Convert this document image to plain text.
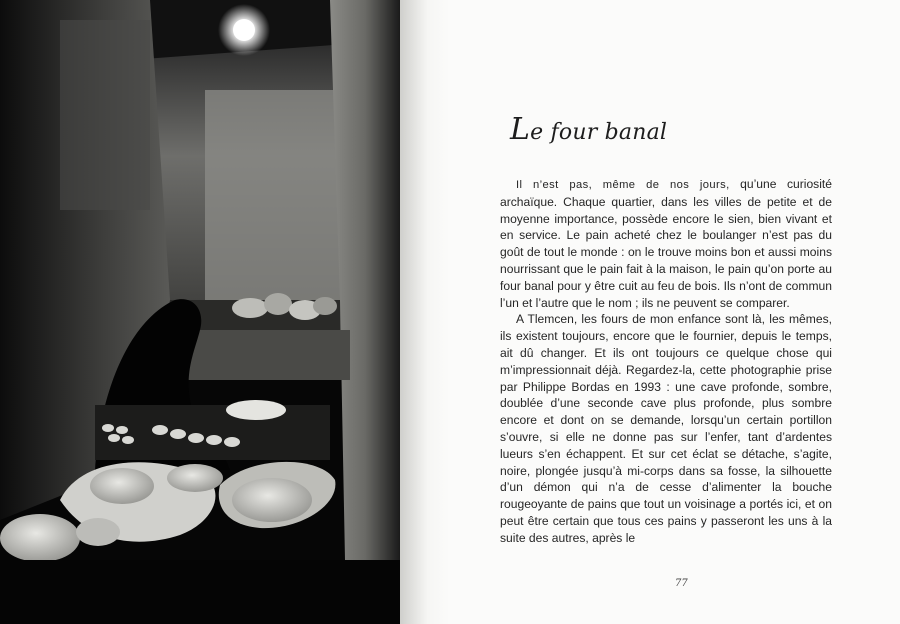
Le four banal

Il n’est pas, même de nos jours, qu’une curiosité archaïque. Chaque quartier, dans les villes de petite et de moyenne importance, possède encore le sien, bien vivant et en service. Le pain acheté chez le boulanger n’est pas du goût de tout le monde : on le trouve moins bon et aussi moins nourrissant que le pain fait à la maison, le pain qu’on porte au four banal pour y être cuit au feu de bois. Ils n’ont de commun l’un et l’autre que le nom ; ils ne peuvent se comparer.

A Tlemcen, les fours de mon enfance sont là, les mêmes, ils existent toujours, encore que le fournier, depuis le temps, ait dû changer. Et ils ont toujours ce quelque chose qui m’impressionnait déjà. Regardez-la, cette photographie prise par Philippe Bordas en 1993 : une cave profonde, sombre, doublée d’une seconde cave plus profonde, plus sombre encore et dont on se demande, lorsqu’un certain portillon s’ouvre, si elle ne donne pas sur l’enfer, tant d’ardentes lueurs s’en échappent. Et sur cet éclat se détache, s’agite, noire, plongée jusqu’à mi-corps dans sa fosse, la silhouette d’un démon qui n’a de cesse d’alimenter la bouche rougeoyante de pains que tout un voisinage a portés ici, et on peut être certain que tous ces pains y passeront les uns à la suite des autres, après le

77
